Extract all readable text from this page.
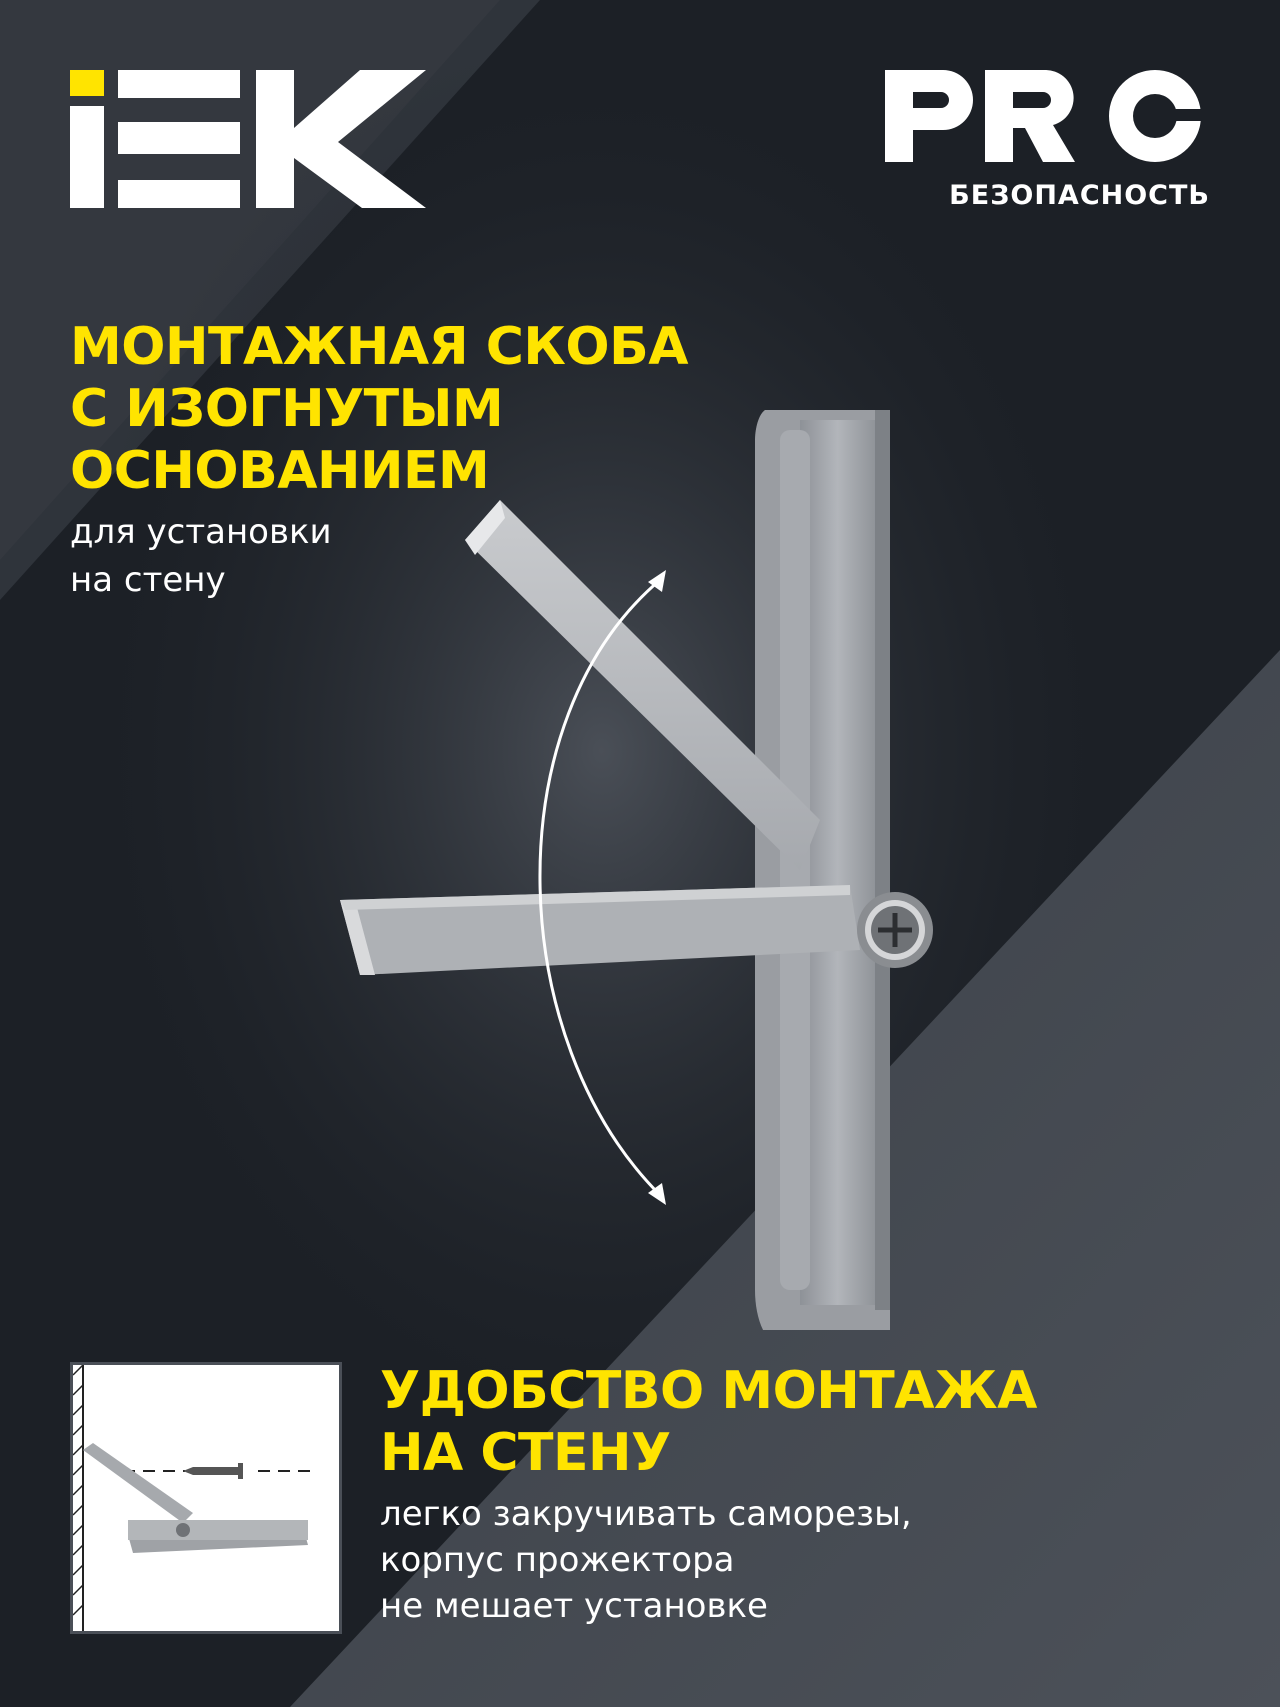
БЕЗОПАСНОСТЬ
МОНТАЖНАЯ СКОБА
С ИЗОГНУТЫМ
ОСНОВАНИЕМ
для установки
на стену
УДОБСТВО МОНТАЖА
НА СТЕНУ
легко закручивать саморезы,
корпус прожектора
не мешает установке
